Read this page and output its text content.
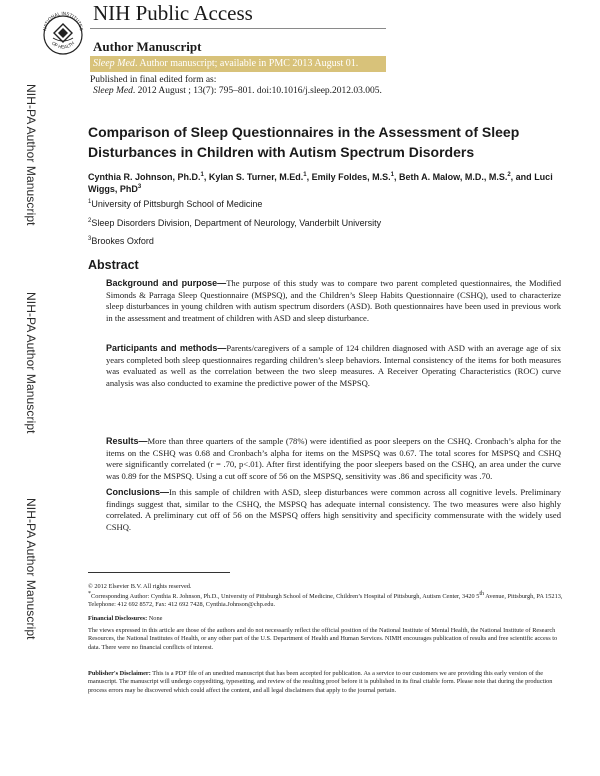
NATIONAL INSTITUTES
OF HEALTH
NIH Public Access
Author Manuscript
Sleep Med. Author manuscript; available in PMC 2013 August 01.
Published in final edited form as:
Sleep Med. 2012 August ; 13(7): 795–801. doi:10.1016/j.sleep.2012.03.005.
NIH-PA Author Manuscript
NIH-PA Author Manuscript
NIH-PA Author Manuscript
Comparison of Sleep Questionnaires in the Assessment of Sleep Disturbances in Children with Autism Spectrum Disorders
Cynthia R. Johnson, Ph.D.$^1$, Kylan S. Turner, M.Ed.$^1$, Emily Foldes, M.S.$^1$, Beth A. Malow, M.D., M.S.$^2$, and Luci Wiggs, PhD$^3$
$^1$University of Pittsburgh School of Medicine
$^2$Sleep Disorders Division, Department of Neurology, Vanderbilt University
$^3$Brookes Oxford
Abstract
Background and purpose—The purpose of this study was to compare two parent completed questionnaires, the Modified Simonds & Parraga Sleep Questionnaire (MSPSQ), and the Children’s Sleep Habits Questionnaire (CSHQ), used to characterize sleep disturbances in young children with autism spectrum disorders (ASD). Both questionnaires have been used in previous work in the assessment and treatment of children with ASD and sleep disturbance.
Participants and methods—Parents/caregivers of a sample of 124 children diagnosed with ASD with an average age of six years completed both sleep questionnaires regarding children’s sleep behaviors. Internal consistency of the items for both measures was evaluated as well as the correlation between the two sleep measures. A Receiver Operating Characteristics (ROC) curve analysis was also conducted to examine the predictive power of the MSPSQ.
Results—More than three quarters of the sample (78%) were identified as poor sleepers on the CSHQ. Cronbach’s alpha for the items on the CSHQ was 0.68 and Cronbach’s alpha for items on the MSPSQ was 0.67. The total scores for MSPSQ and CSHQ were significantly correlated (r = .70, p<.01). After first identifying the poor sleepers based on the CSHQ, an area under the curve was 0.89 for the MSPSQ. Using a cut off score of 56 on the MSPSQ, sensitivity was .86 and specificity was .70.
Conclusions—In this sample of children with ASD, sleep disturbances were common across all cognitive levels. Preliminary findings suggest that, similar to the CSHQ, the MSPSQ has adequate internal consistency. The two measures were also highly correlated. A preliminary cut off of 56 on the MSPSQ offers high sensitivity and specificity commensurate with the widely used CSHQ.
© 2012 Elsevier B.V. All rights reserved.
*Corresponding Author: Cynthia R. Johnson, Ph.D., University of Pittsburgh School of Medicine, Children’s Hospital of Pittsburgh, Autism Center, 3420 5th Avenue, Pittsburgh, PA 15213, Telephone: 412 692 8572, Fax: 412 692 7428, Cynthia.Johnson@chp.edu.
Financial Disclosures: None
The views expressed in this article are those of the authors and do not necessarily reflect the official position of the National Institute of Mental Health, the National Institute of Research Resources, the National Institutes of Health, or any other part of the U.S. Department of Health and Human Services. NIMH encourages publication of results and free scientific access to data. There were no financial conflicts of interest.
Publisher's Disclaimer: This is a PDF file of an unedited manuscript that has been accepted for publication. As a service to our customers we are providing this early version of the manuscript. The manuscript will undergo copyediting, typesetting, and review of the resulting proof before it is published in its final citable form. Please note that during the production process errors may be discovered which could affect the content, and all legal disclaimers that apply to the journal pertain.
